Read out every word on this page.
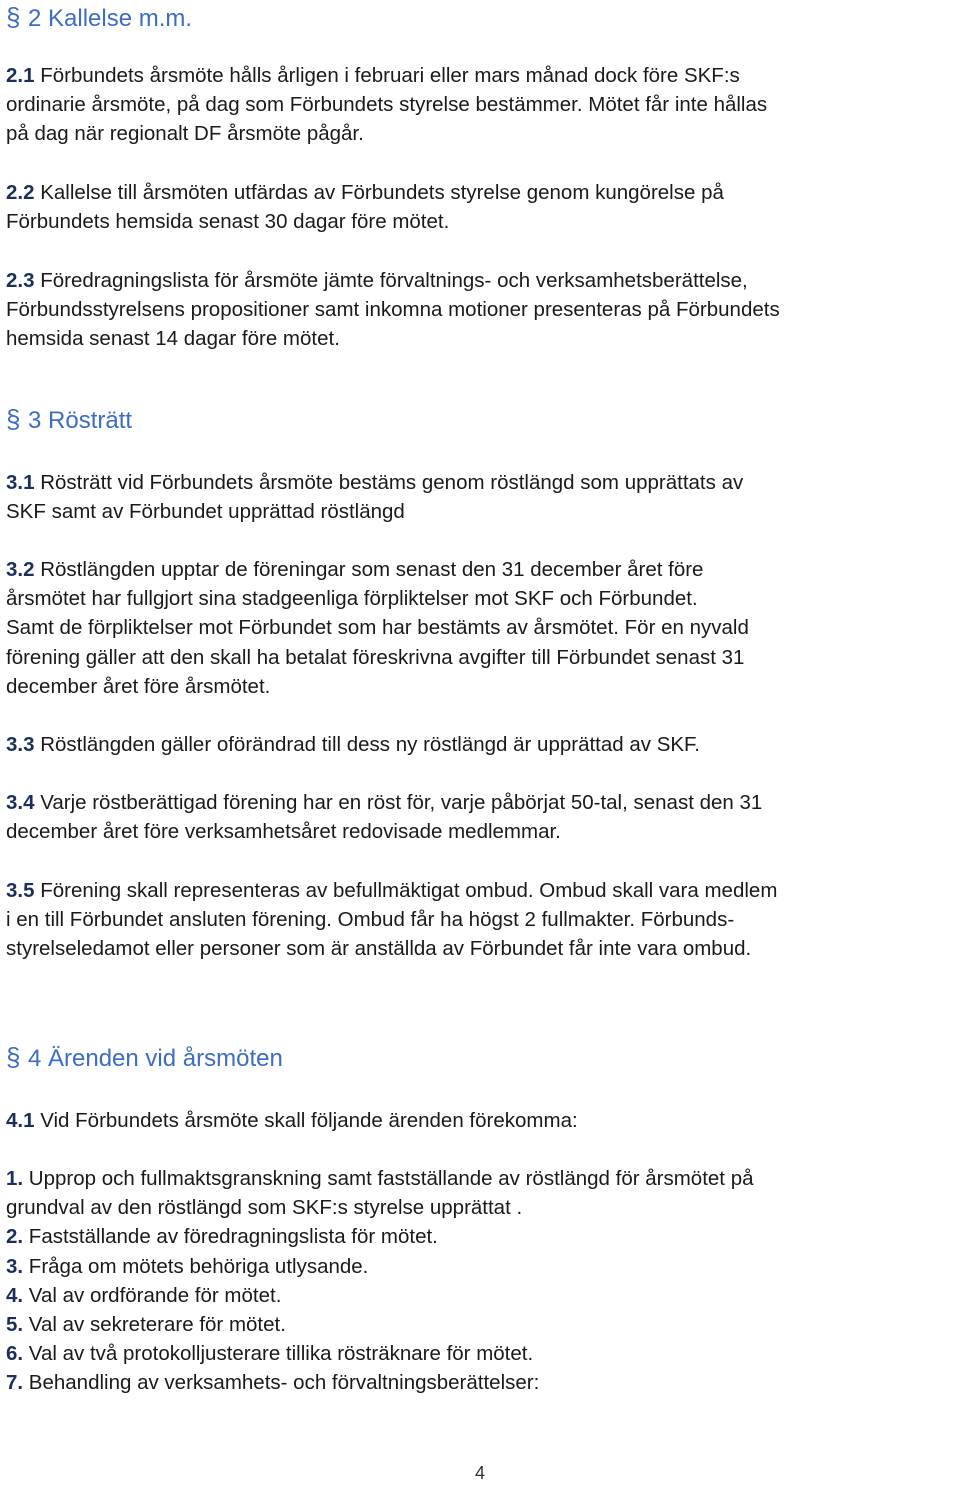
§ 2 Kallelse m.m.

2.1 Förbundets årsmöte hålls årligen i februari eller mars månad dock före SKF:s
ordinarie årsmöte, på dag som Förbundets styrelse bestämmer. Mötet får inte hållas
på dag när regionalt DF årsmöte pågår.

2.2 Kallelse till årsmöten utfärdas av Förbundets styrelse genom kungörelse på
Förbundets hemsida senast 30 dagar före mötet.

2.3 Föredragningslista för årsmöte jämte förvaltnings- och verksamhetsberättelse,
Förbundsstyrelsens propositioner samt inkomna motioner presenteras på Förbundets
hemsida senast 14 dagar före mötet.

§ 3 Rösträtt

3.1 Rösträtt vid Förbundets årsmöte bestäms genom röstlängd som upprättats av
SKF samt av Förbundet upprättad röstlängd

3.2 Röstlängden upptar de föreningar som senast den 31 december året före
årsmötet har fullgjort sina stadgeenliga förpliktelser mot SKF och Förbundet.
Samt de förpliktelser mot Förbundet som har bestämts av årsmötet. För en nyvald
förening gäller att den skall ha betalat föreskrivna avgifter till Förbundet senast 31
december året före årsmötet.

3.3 Röstlängden gäller oförändrad till dess ny röstlängd är upprättad av SKF.

3.4 Varje röstberättigad förening har en röst för, varje påbörjat 50-tal, senast den 31
december året före verksamhetsåret redovisade medlemmar.

3.5 Förening skall representeras av befullmäktigat ombud. Ombud skall vara medlem
i en till Förbundet ansluten förening. Ombud får ha högst 2 fullmakter. Förbunds-
styrelseledamot eller personer som är anställda av Förbundet får inte vara ombud.

§ 4 Ärenden vid årsmöten

4.1 Vid Förbundets årsmöte skall följande ärenden förekomma:

1. Upprop och fullmaktsgranskning samt fastställande av röstlängd för årsmötet på
grundval av den röstlängd som SKF:s styrelse upprättat .
2. Fastställande av föredragningslista för mötet.
3. Fråga om mötets behöriga utlysande.
4. Val av ordförande för mötet.
5. Val av sekreterare för mötet.
6. Val av två protokolljusterare tillika rösträknare för mötet.
7. Behandling av verksamhets- och förvaltningsberättelser:
4
